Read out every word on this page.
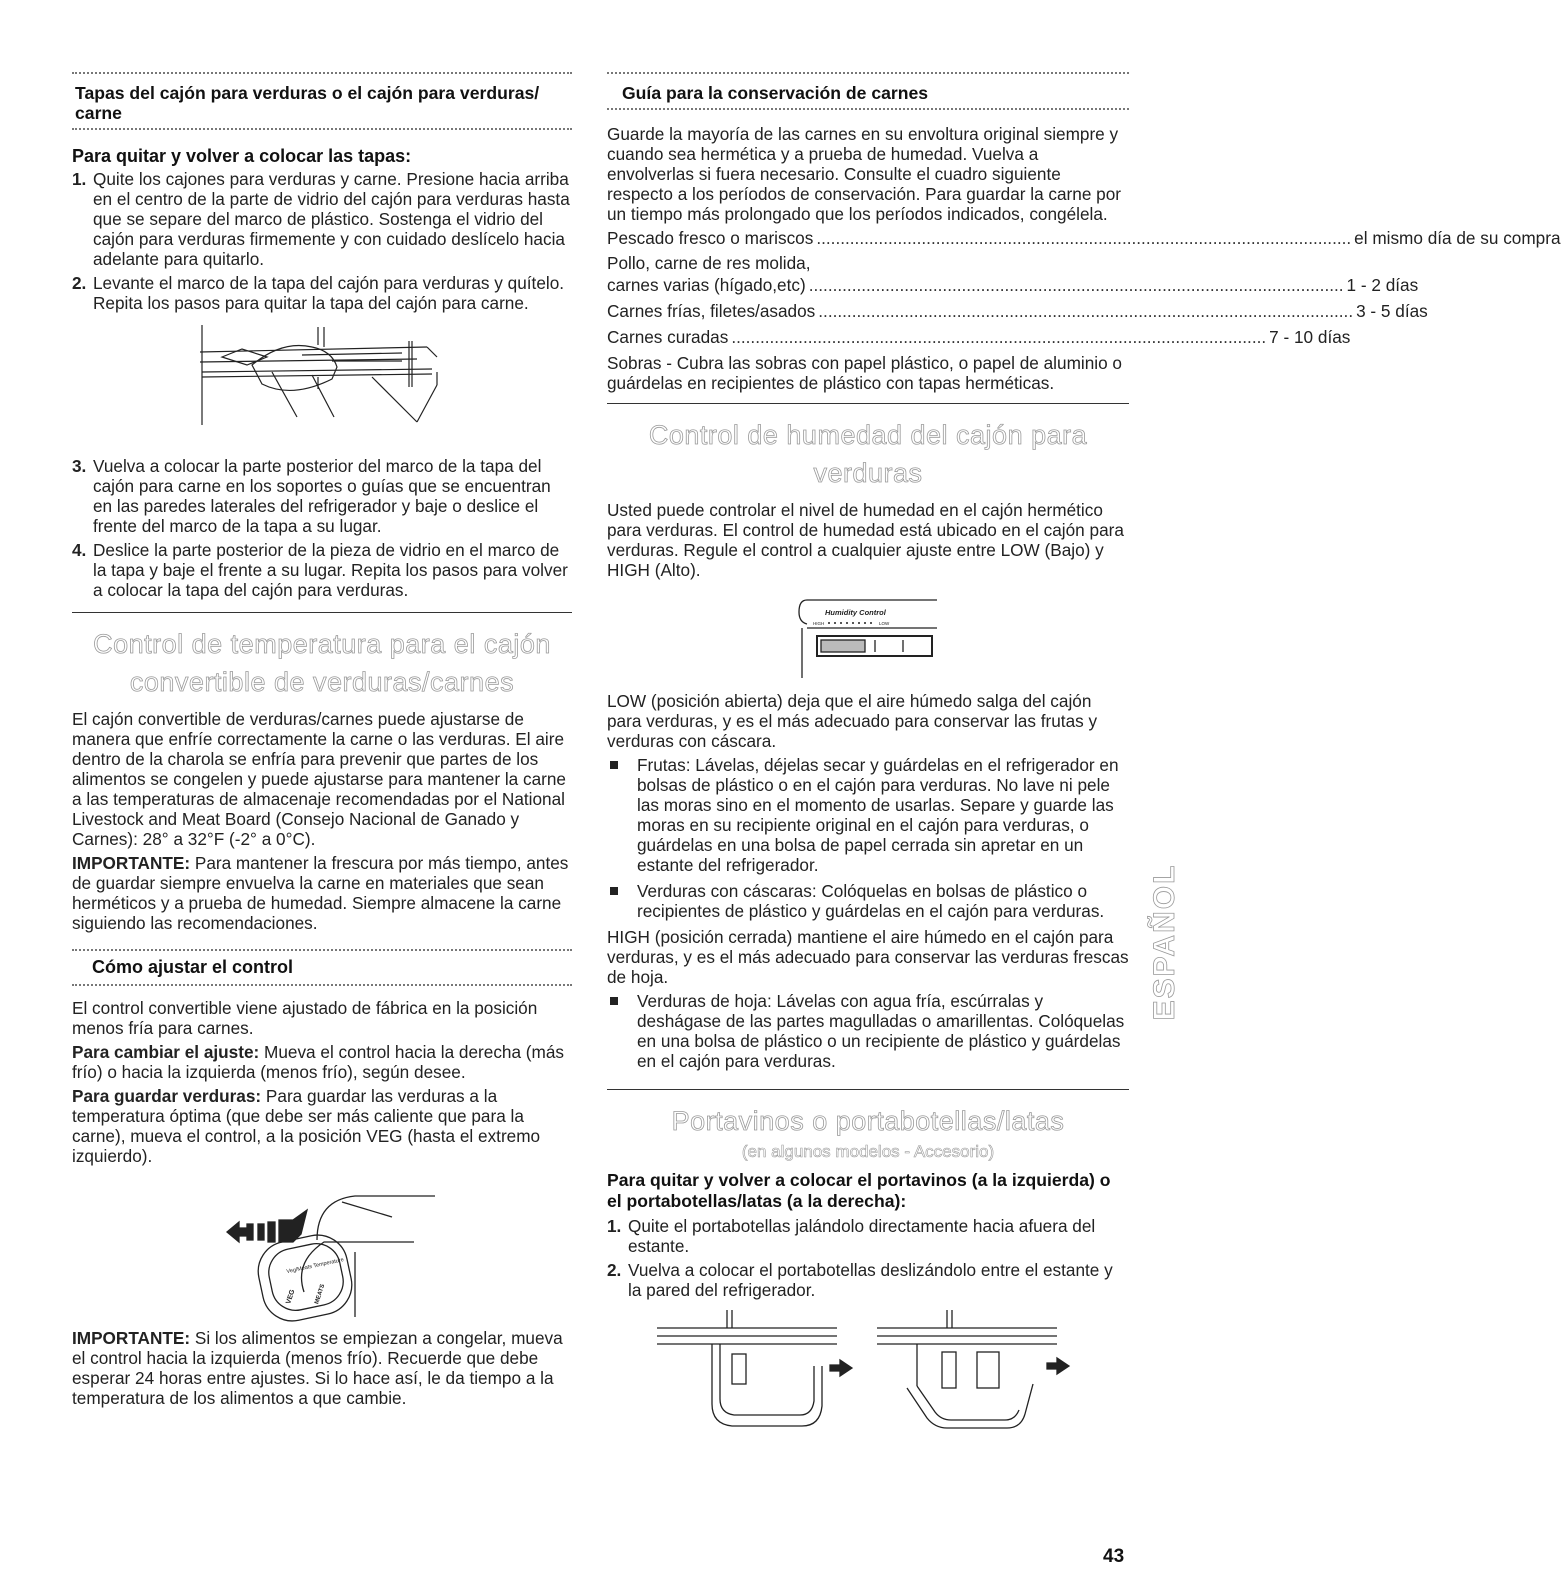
Tapas del cajón para verduras o el cajón para verduras/ carne
Para quitar y volver a colocar las tapas:
1. Quite los cajones para verduras y carne. Presione hacia arriba en el centro de la parte de vidrio del cajón para verduras hasta que se separe del marco de plástico. Sostenga el vidrio del cajón para verduras firmemente y con cuidado deslícelo hacia adelante para quitarlo.
2. Levante el marco de la tapa del cajón para verduras y quítelo. Repita los pasos para quitar la tapa del cajón para carne.
3. Vuelva a colocar la parte posterior del marco de la tapa del cajón para carne en los soportes o guías que se encuentran en las paredes laterales del refrigerador y baje o deslice el frente del marco de la tapa a su lugar.
4. Deslice la parte posterior de la pieza de vidrio en el marco de la tapa y baje el frente a su lugar. Repita los pasos para volver a colocar la tapa del cajón para verduras.
Control de temperatura para el cajón
convertible de verduras/carnes

El cajón convertible de verduras/carnes puede ajustarse de manera que enfríe correctamente la carne o las verduras. El aire dentro de la charola se enfría para prevenir que partes de los alimentos se congelen y puede ajustarse para mantener la carne a las temperaturas de almacenaje recomendadas por el National Livestock and Meat Board (Consejo Nacional de Ganado y Carnes): 28° a 32°F (-2° a 0°C).

IMPORTANTE: Para mantener la frescura por más tiempo, antes de guardar siempre envuelva la carne en materiales que sean herméticos y a prueba de humedad. Siempre almacene la carne siguiendo las recomendaciones.

Cómo ajustar el control

El control convertible viene ajustado de fábrica en la posición menos fría para carnes.

Para cambiar el ajuste: Mueva el control hacia la derecha (más frío) o hacia la izquierda (menos frío), según desee.

Para guardar verduras: Para guardar las verduras a la temperatura óptima (que debe ser más caliente que para la carne), mueva el control, a la posición VEG (hasta el extremo izquierdo).

Veg/Meats Temperature
VEG	MEATS

IMPORTANTE: Si los alimentos se empiezan a congelar, mueva el control hacia la izquierda (menos frío). Recuerde que debe esperar 24 horas entre ajustes. Si lo hace así, le da tiempo a la temperatura de los alimentos a que cambie.

Guía para la conservación de carnes

Guarde la mayoría de las carnes en su envoltura original siempre y cuando sea hermética y a prueba de humedad. Vuelva a envolverlas si fuera necesario. Consulte el cuadro siguiente respecto a los períodos de conservación. Para guardar la carne por un tiempo más prolongado que los períodos indicados, congélela.

Pescado fresco o mariscos ................................................................................................................ el mismo día de su compra
Pollo, carne de res molida,
carnes varias (hígado,etc) ................................................................................................................ 1 - 2 días
Carnes frías, filetes/asados ................................................................................................................ 3 - 5 días
Carnes curadas ................................................................................................................ 7 - 10 días

Sobras - Cubra las sobras con papel plástico, o papel de aluminio o guárdelas en recipientes de plástico con tapas herméticas.

Control de humedad del cajón para
verduras

Usted puede controlar el nivel de humedad en el cajón hermético para verduras. El control de humedad está ubicado en el cajón para verduras. Regule el control a cualquier ajuste entre LOW (Bajo) y HIGH (Alto).

Humidity Control
HIGH	LOW

LOW (posición abierta) deja que el aire húmedo salga del cajón para verduras, y es el más adecuado para conservar las frutas y verduras con cáscara.

Frutas: Lávelas, déjelas secar y guárdelas en el refrigerador en bolsas de plástico o en el cajón para verduras. No lave ni pele las moras sino en el momento de usarlas. Separe y guarde las moras en su recipiente original en el cajón para verduras, o guárdelas en una bolsa de papel cerrada sin apretar en un estante del refrigerador.
Verduras con cáscaras: Colóquelas en bolsas de plástico o recipientes de plástico y guárdelas en el cajón para verduras.

HIGH (posición cerrada) mantiene el aire húmedo en el cajón para verduras, y es el más adecuado para conservar las verduras frescas de hoja.

Verduras de hoja: Lávelas con agua fría, escúrralas y deshágase de las partes magulladas o amarillentas. Colóquelas en una bolsa de plástico o un recipiente de plástico y guárdelas en el cajón para verduras.
Portavinos o portabotellas/latas
(en algunos modelos - Accesorio)
Para quitar y volver a colocar el portavinos (a la izquierda) o el portabotellas/latas (a la derecha):
1. Quite el portabotellas jalándolo directamente hacia afuera del estante.
2. Vuelva a colocar el portabotellas deslizándolo entre el estante y la pared del refrigerador.
ESPAÑOL
43
